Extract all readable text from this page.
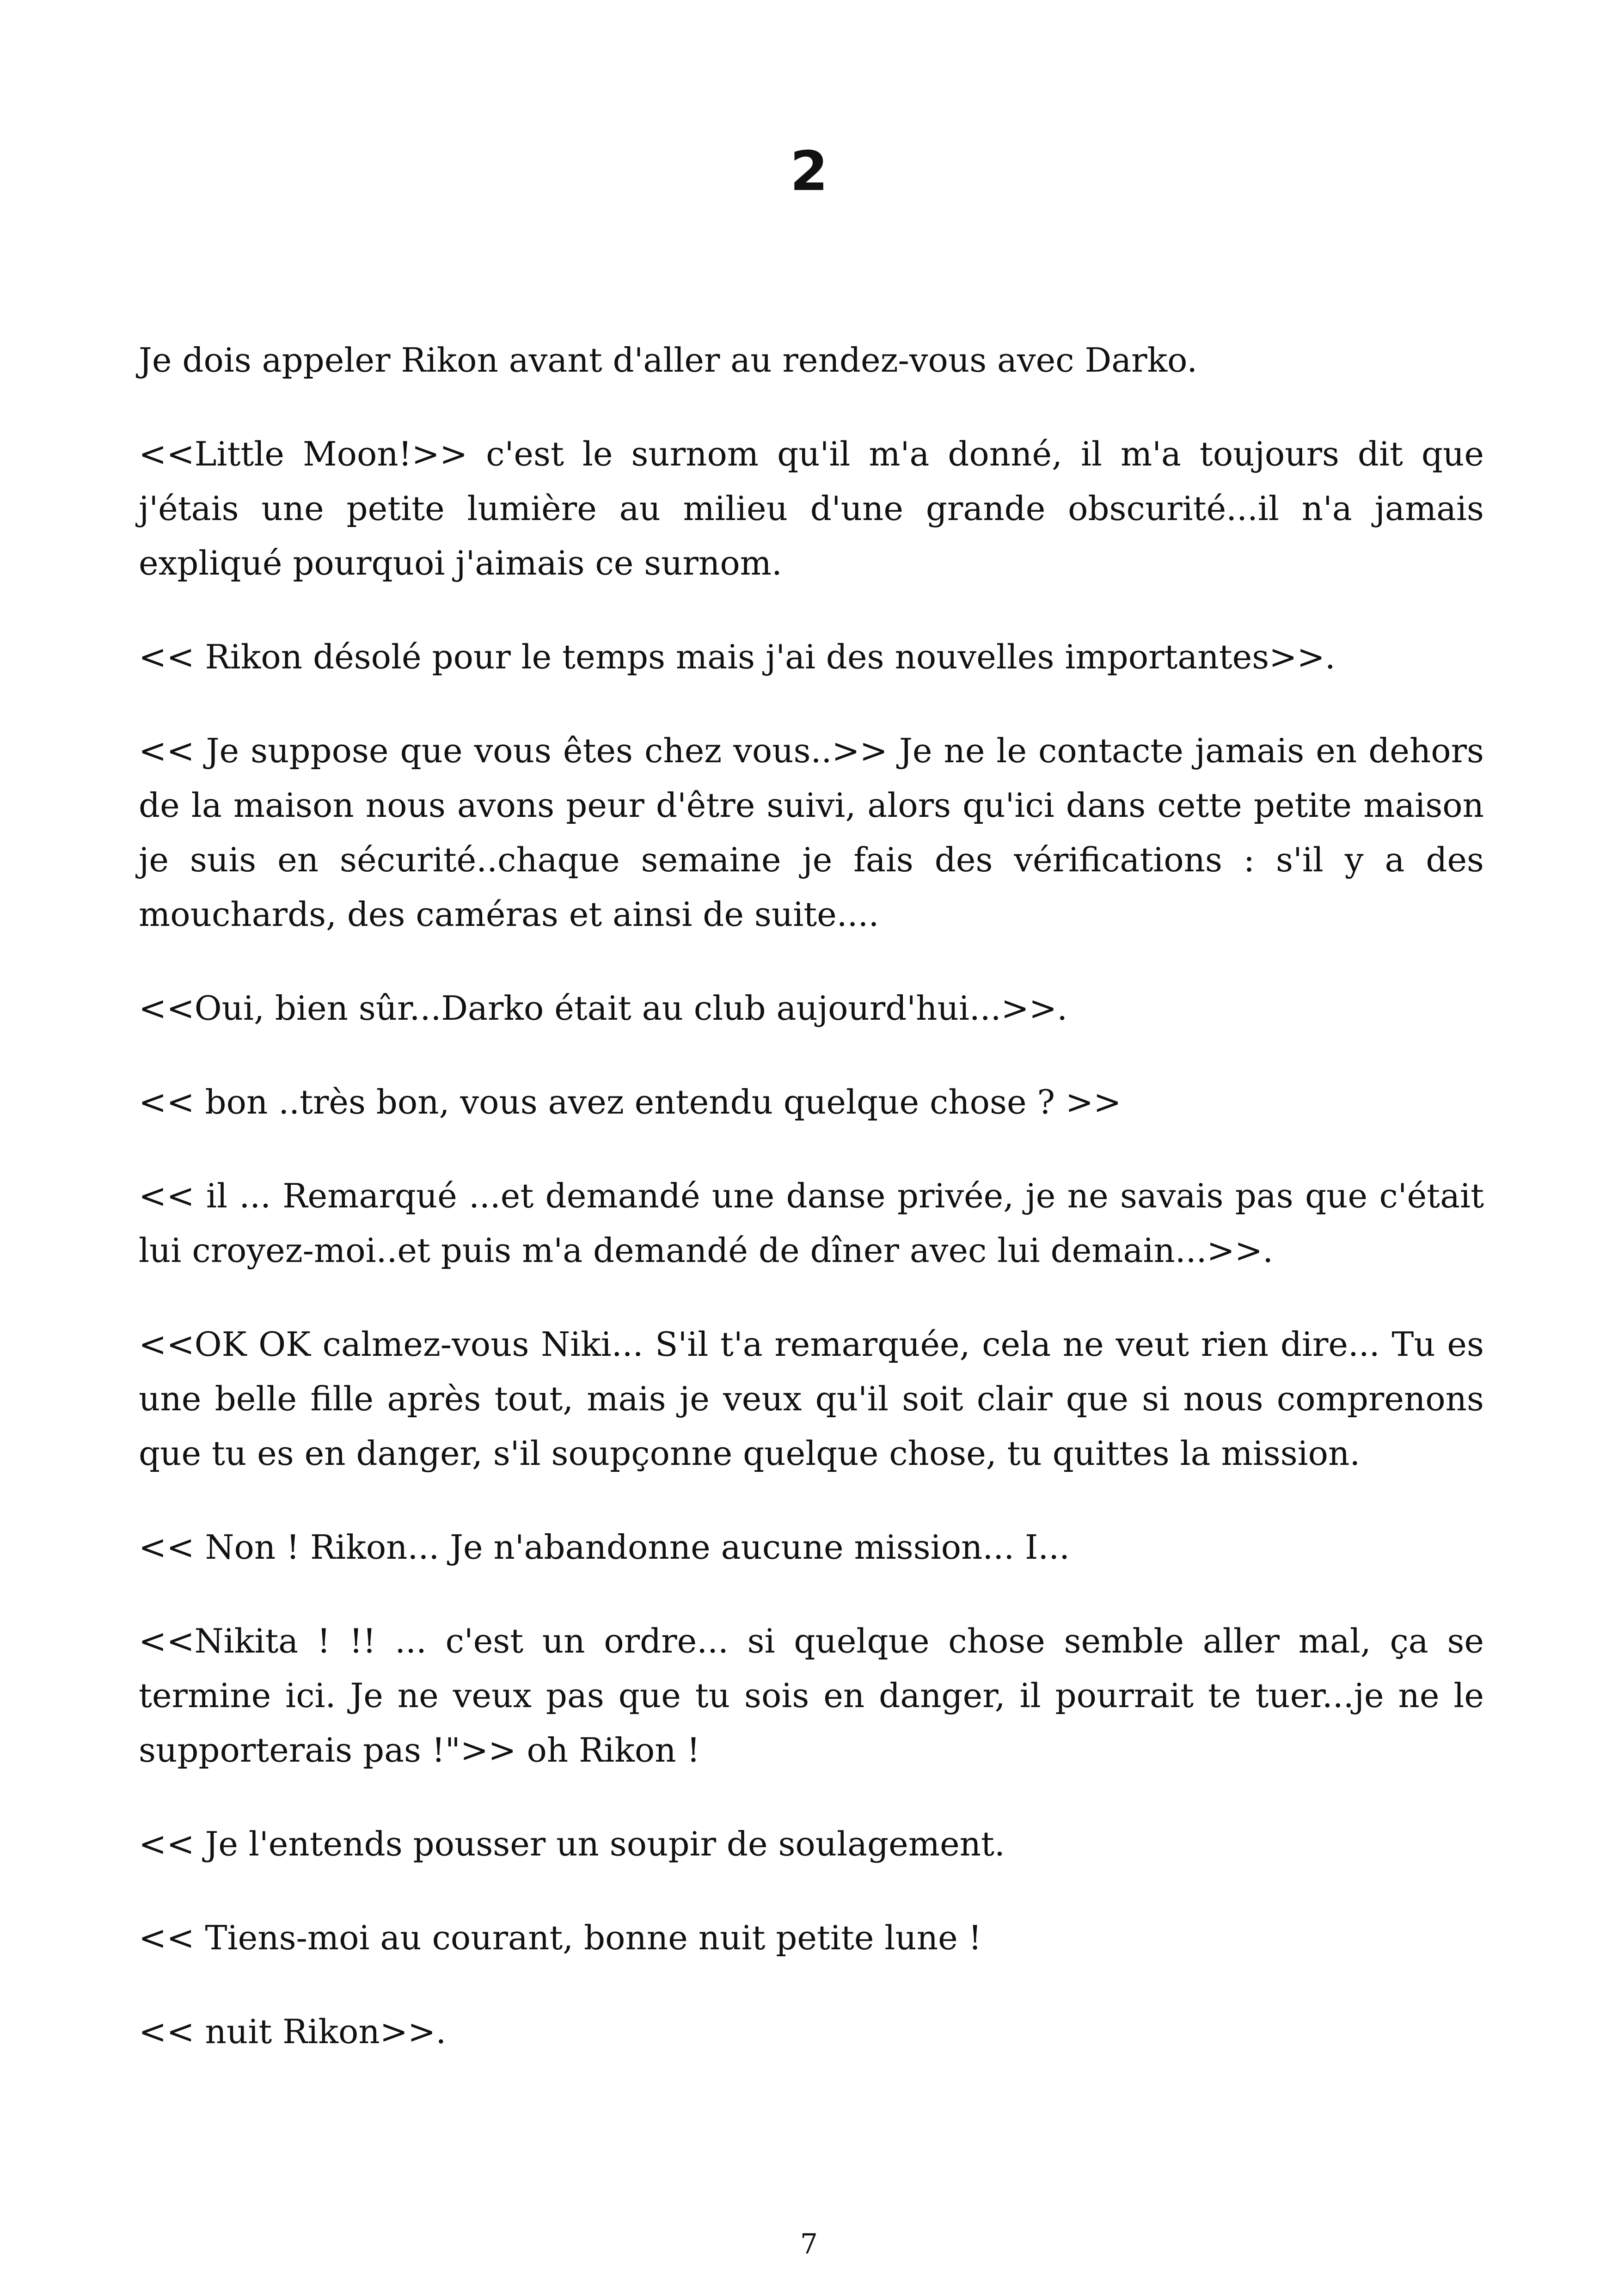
2

Je dois appeler Rikon avant d'aller au rendez-vous avec Darko.

<<Little Moon!>> c'est le surnom qu'il m'a donné, il m'a toujours dit que j'étais une petite lumière au milieu d'une grande obscurité...il n'a jamais expliqué pourquoi j'aimais ce surnom.

<< Rikon désolé pour le temps mais j'ai des nouvelles importantes>>.

<< Je suppose que vous êtes chez vous..>> Je ne le contacte jamais en dehors de la maison nous avons peur d'être suivi, alors qu'ici dans cette petite maison je suis en sécurité..chaque semaine je fais des vérifications : s'il y a des mouchards, des caméras et ainsi de suite....

<<Oui, bien sûr...Darko était au club aujourd'hui...>>.

<< bon ..très bon, vous avez entendu quelque chose ? >>

<< il ... Remarqué ...et demandé une danse privée, je ne savais pas que c'était lui croyez-moi..et puis m'a demandé de dîner avec lui demain...>>.

<<OK OK calmez-vous Niki... S'il t'a remarquée, cela ne veut rien dire... Tu es une belle fille après tout, mais je veux qu'il soit clair que si nous comprenons que tu es en danger, s'il soupçonne quelque chose, tu quittes la mission.

<< Non ! Rikon... Je n'abandonne aucune mission... I...

<<Nikita ! !! ... c'est un ordre... si quelque chose semble aller mal, ça se termine ici. Je ne veux pas que tu sois en danger, il pourrait te tuer...je ne le supporterais pas !">> oh Rikon !

<< Je l'entends pousser un soupir de soulagement.

<< Tiens-moi au courant, bonne nuit petite lune !

<< nuit Rikon>>.

7
